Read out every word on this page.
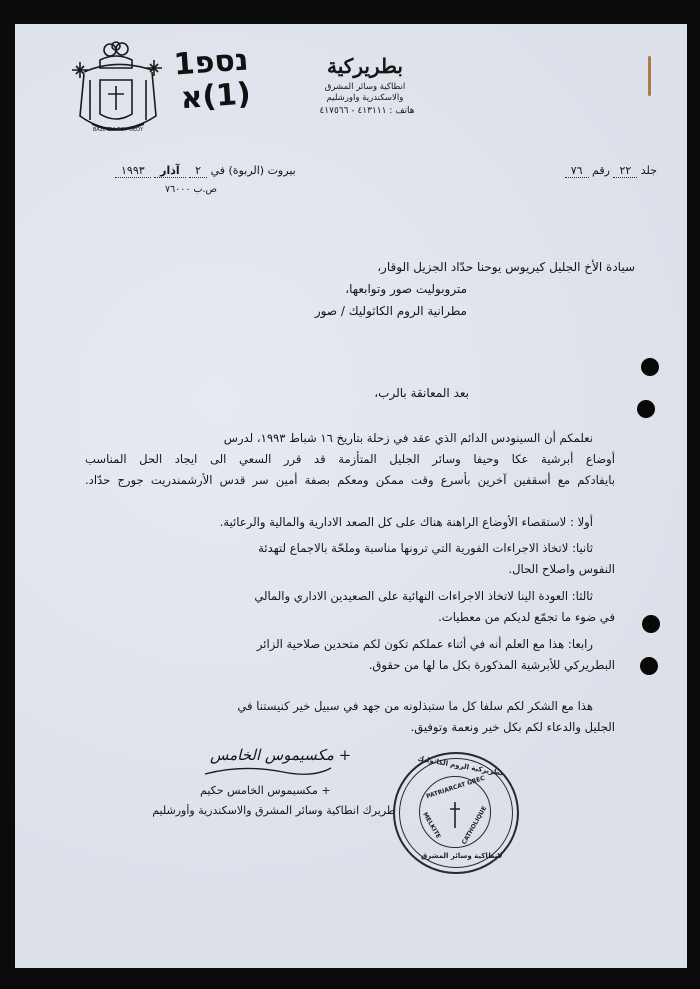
ΒΑΣΙΛΕΙΑ ΤΟΥ ΘΕΟΥ
נספ1
(1)א
بطريركية
انطاكية وسائر المشرق
والاسكندرية واورشليم
هاتف : ٤١٣١١١ - ٤١٧٥٦٦
جلد ٢٢ رقم ٧٦
بيروت (الربوة) في ٢ آذار ١٩٩٣
ص.ب ٧٦٠٠٠
سيادة الأخ الجليل كيريوس يوحنا حدّاد الجزيل الوقار،
متروبوليت صور وتوابعها،
مطرانية الروم الكاثوليك / صور
بعد المعانقة بالرب،
نعلمكم أن السينودس الدائم الذي عقد في زحلة بتاريخ ١٦ شباط ١٩٩٣، لدرس
أوضاع أبرشية عكا وحيفا وسائر الجليل المتأزمة قد قرر السعي الى ايجاد الحل المناسب
بايفادكم مع أسقفين آخرين بأسرع وقت ممكن ومعكم بصفة أمين سر قدس الأرشمندريت جورج حدّاد.
أولا : لاستقصاء الأوضاع الراهنة هناك على كل الصعد الادارية والمالية والرعائية.
ثانيا: لاتخاذ الاجراءات الفورية التي ترونها مناسبة وملحّة بالاجماع لتهدئة
النفوس واصلاح الحال.
ثالثا: العودة الينا لاتخاذ الاجراءات النهائية على الصعيدين الاداري والمالي
في ضوء ما تجمّع لديكم من معطيات.
رابعا: هذا مع العلم أنه في أثناء عملكم تكون لكم متحدين صلاحية الزائر
البطريركي للأبرشية المذكورة بكل ما لها من حقوق.
هذا مع الشكر لكم سلفا كل ما ستبذلونه من جهد في سبيل خير كنيستنا في
الجليل والدعاء لكم بكل خير ونعمة وتوفيق.
+ مكسيموس الخامس
+ مكسيموس الخامس حكيم
بطريرك انطاكية وسائر المشرق والاسكندرية وأورشليم
PATRIARCAT GREC
MELKITE	CATHOLIQUE
بطريركية الروم الكاثوليك
لانطاكية وسائر المشرق
